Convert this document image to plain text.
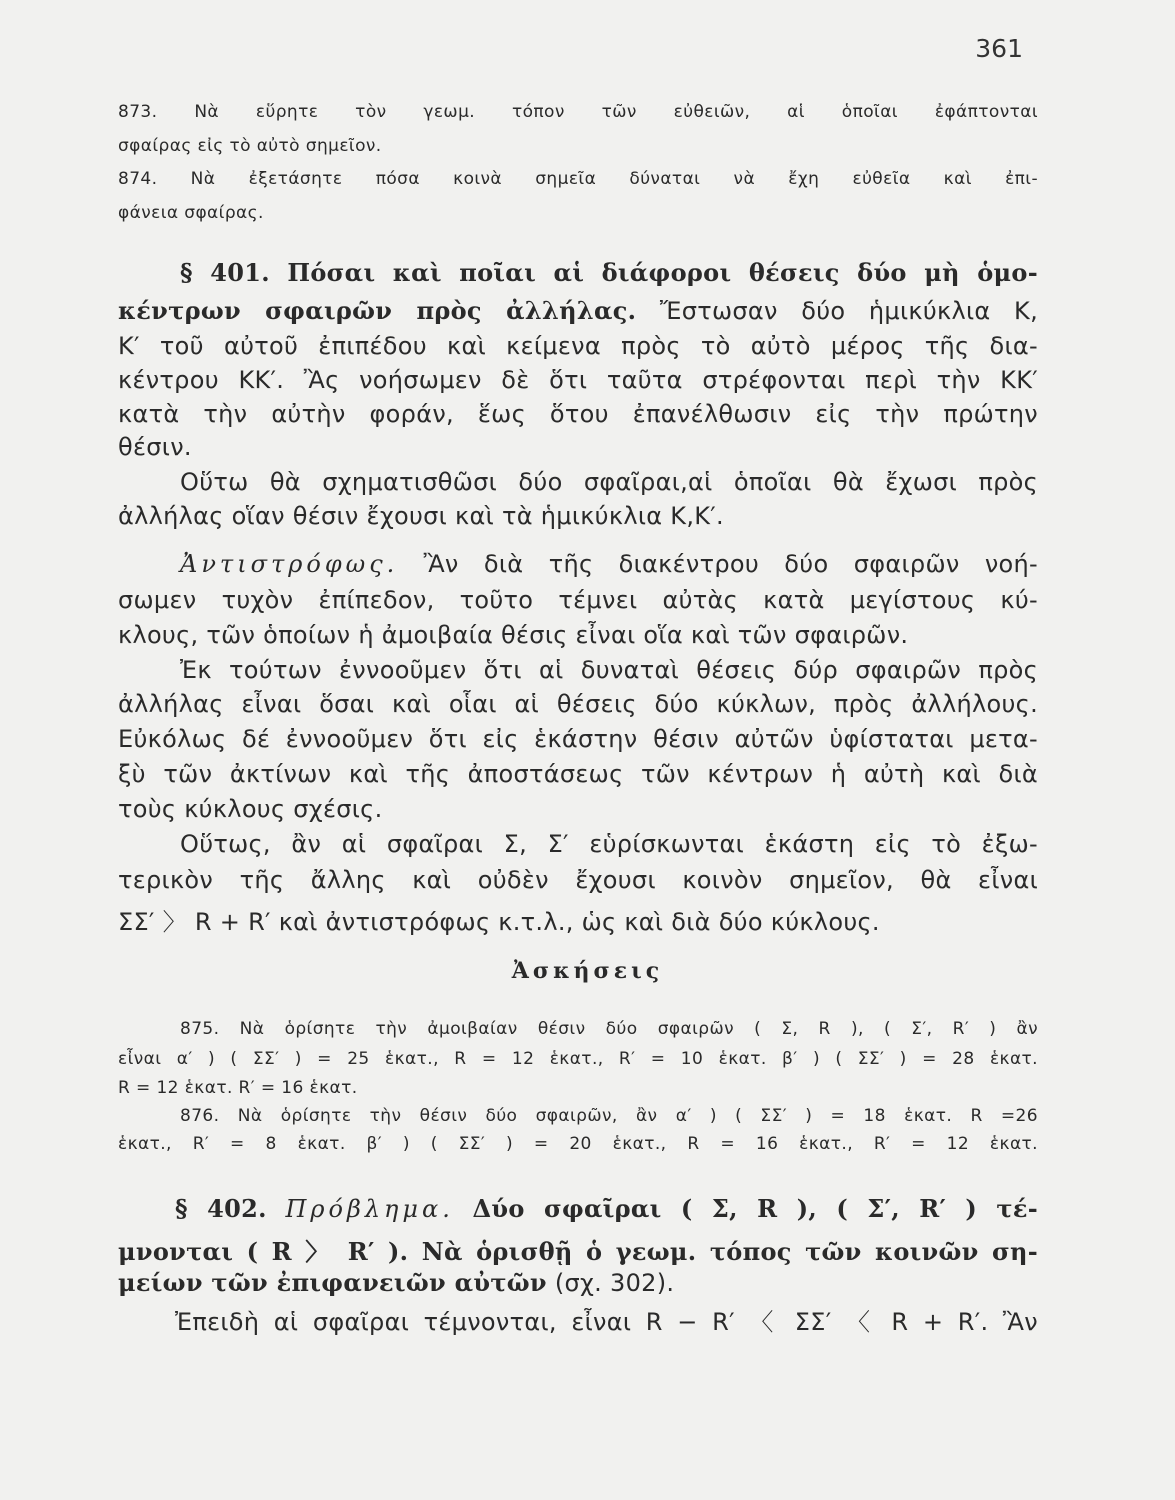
361
873. Νὰ εὕρητε τὸν γεωμ. τόπον τῶν εὐθειῶν, αἱ ὁποῖαι ἐφάπτονται
σφαίρας εἰς τὸ αὐτὸ σημεῖον.
874. Νὰ ἐξετάσητε πόσα κοινὰ σημεῖα δύναται νὰ ἔχη εὐθεῖα καὶ ἐπι-
φάνεια σφαίρας.
§ 401. Πόσαι καὶ ποῖαι αἱ διάφοροι θέσεις δύο μὴ ὁμο-
κέντρων σφαιρῶν πρὸς ἀλλήλας. Ἔστωσαν δύο ἡμικύκλια Κ,
Κ′ τοῦ αὐτοῦ ἐπιπέδου καὶ κείμενα πρὸς τὸ αὐτὸ μέρος τῆς δια-
κέντρου ΚΚ′. Ἂς νοήσωμεν δὲ ὅτι ταῦτα στρέφονται περὶ τὴν ΚΚ′
κατὰ τὴν αὐτὴν φοράν, ἕως ὅτου ἐπανέλθωσιν εἰς τὴν πρώτην
θέσιν.
Οὕτω θὰ σχηματισθῶσι δύο σφαῖραι,αἱ ὁποῖαι θὰ ἔχωσι πρὸς
ἀλλήλας οἵαν θέσιν ἔχουσι καὶ τὰ ἡμικύκλια Κ,Κ′.
Ἀντιστρόφως. Ἂν διὰ τῆς διακέντρου δύο σφαιρῶν νοή-
σωμεν τυχὸν ἐπίπεδον, τοῦτο τέμνει αὐτὰς κατὰ μεγίστους κύ-
κλους, τῶν ὁποίων ἡ ἀμοιβαία θέσις εἶναι οἵα καὶ τῶν σφαιρῶν.
Ἐκ τούτων ἐννοοῦμεν ὅτι αἱ δυναταὶ θέσεις δύρ σφαιρῶν πρὸς
ἀλλήλας εἶναι ὅσαι καὶ οἷαι αἱ θέσεις δύο κύκλων, πρὸς ἀλλήλους.
Εὐκόλως δέ ἐννοοῦμεν ὅτι εἰς ἑκάστην θέσιν αὐτῶν ὑφίσταται μετα-
ξὺ τῶν ἀκτίνων καὶ τῆς ἀποστάσεως τῶν κέντρων ἡ αὐτὴ καὶ διὰ
τοὺς κύκλους σχέσις.
Οὕτως, ἂν αἱ σφαῖραι Σ, Σ′ εὑρίσκωνται ἑκάστη εἰς τὸ ἐξω-
τερικὸν τῆς ἄλλης καὶ οὐδὲν ἔχουσι κοινὸν σημεῖον, θὰ εἶναι
ΣΣ′ 〉 R + R′ καὶ ἀντιστρόφως κ.τ.λ., ὡς καὶ διὰ δύο κύκλους.
Ἀσκήσεις
875. Νὰ ὁρίσητε τὴν ἀμοιβαίαν θέσιν δύο σφαιρῶν ( Σ, R ), ( Σ′, R′ ) ἂν
εἶναι α′ ) ( ΣΣ′ ) = 25 ἑκατ., R = 12 ἑκατ., R′ = 10 ἑκατ. β′ ) ( ΣΣ′ ) = 28 ἑκατ.
R = 12 ἑκατ. R′ = 16 ἑκατ.
876. Νὰ ὁρίσητε τὴν θέσιν δύο σφαιρῶν, ἂν α′ ) ( ΣΣ′ ) = 18 ἑκατ. R =26
ἑκατ., R′ = 8 ἑκατ. β′ ) ( ΣΣ′ ) = 20 ἑκατ., R = 16 ἑκατ., R′ = 12 ἑκατ.
§ 402. Πρόβλημα. Δύο σφαῖραι ( Σ, R ), ( Σ′, R′ ) τέ-
μνονται ( R 〉 R′ ). Νὰ ὁρισθῇ ὁ γεωμ. τόπος τῶν κοινῶν ση-
μείων τῶν ἐπιφανειῶν αὐτῶν (σχ. 302).
Ἐπειδὴ αἱ σφαῖραι τέμνονται, εἶναι R − R′ 〈 ΣΣ′ 〈 R + R′. Ἂν
